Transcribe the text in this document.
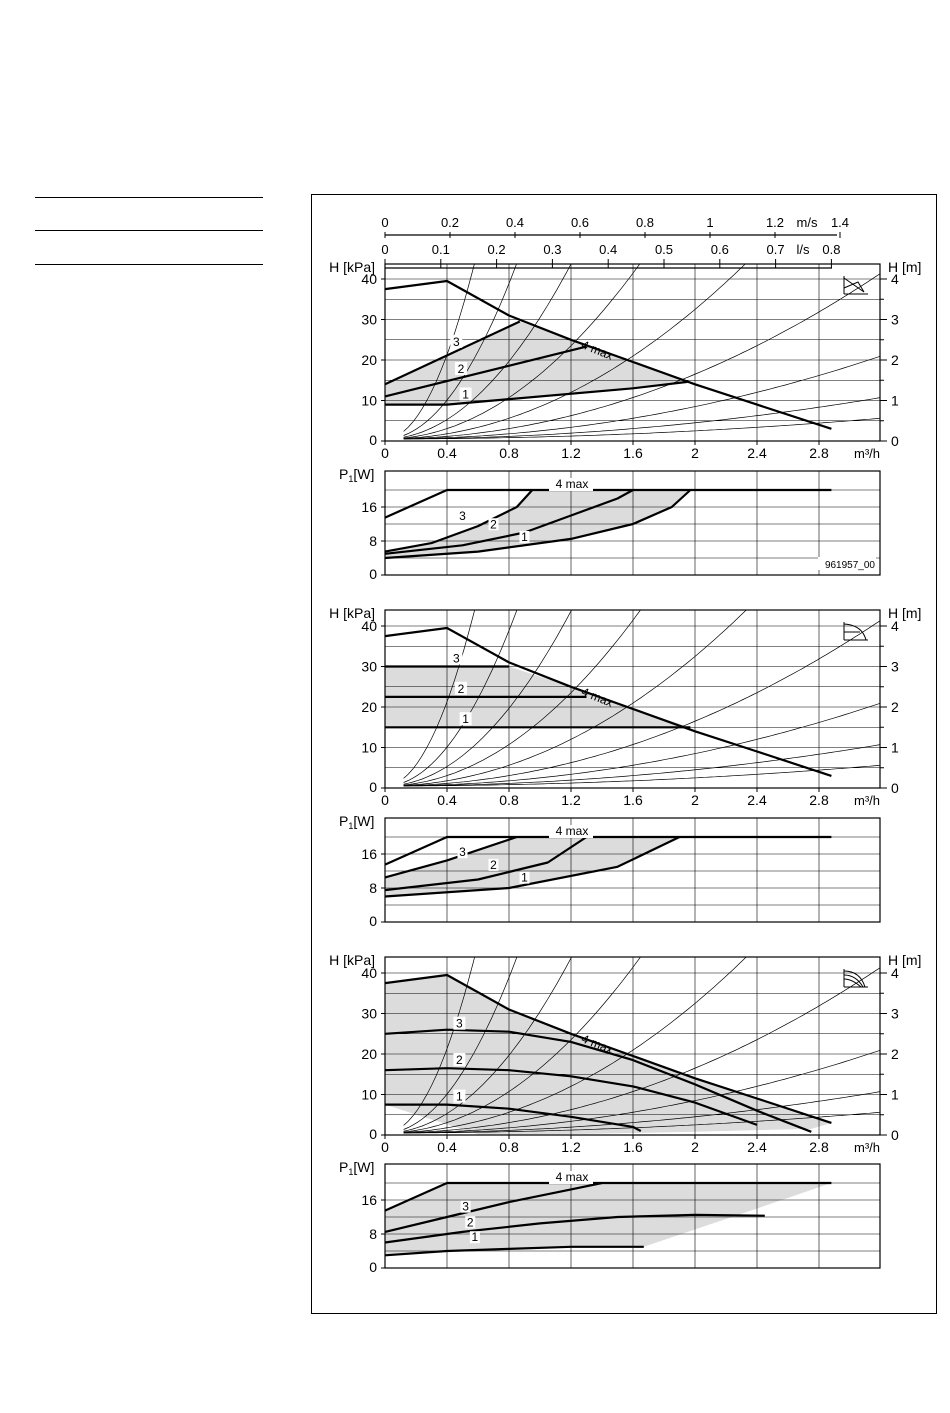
0	0.2	0.4	0.6	0.8	1	1.2	1.4
m/s
0	0.1	0.2	0.3	0.4	0.5	0.6	0.7	0.8
l/s
3
2
1
4 max
0
10
20
30
40
H [kPa]
0
1
2
3
4
H [m]
0	0.4	0.8	1.2	1.6	2	2.4	2.8 m³/h
3
2
1
4 max
0
8
16
$P_1[W]$
961957_00
3
2
1
4 max
0
10
20
30
40
H [kPa]
0
1
2
3
4
H [m]
0	0.4	0.8	1.2	1.6	2	2.4	2.8 m³/h
3
2
1
4 max
0
8
16
$P_1[W]$
3
2
1
4 max
0
10
20
30
40
H [kPa]
0
1
2
3
4
H [m]
0	0.4	0.8	1.2	1.6	2	2.4	2.8 m³/h
3
2
1
4 max
0
8
16
$P_1[W]$
